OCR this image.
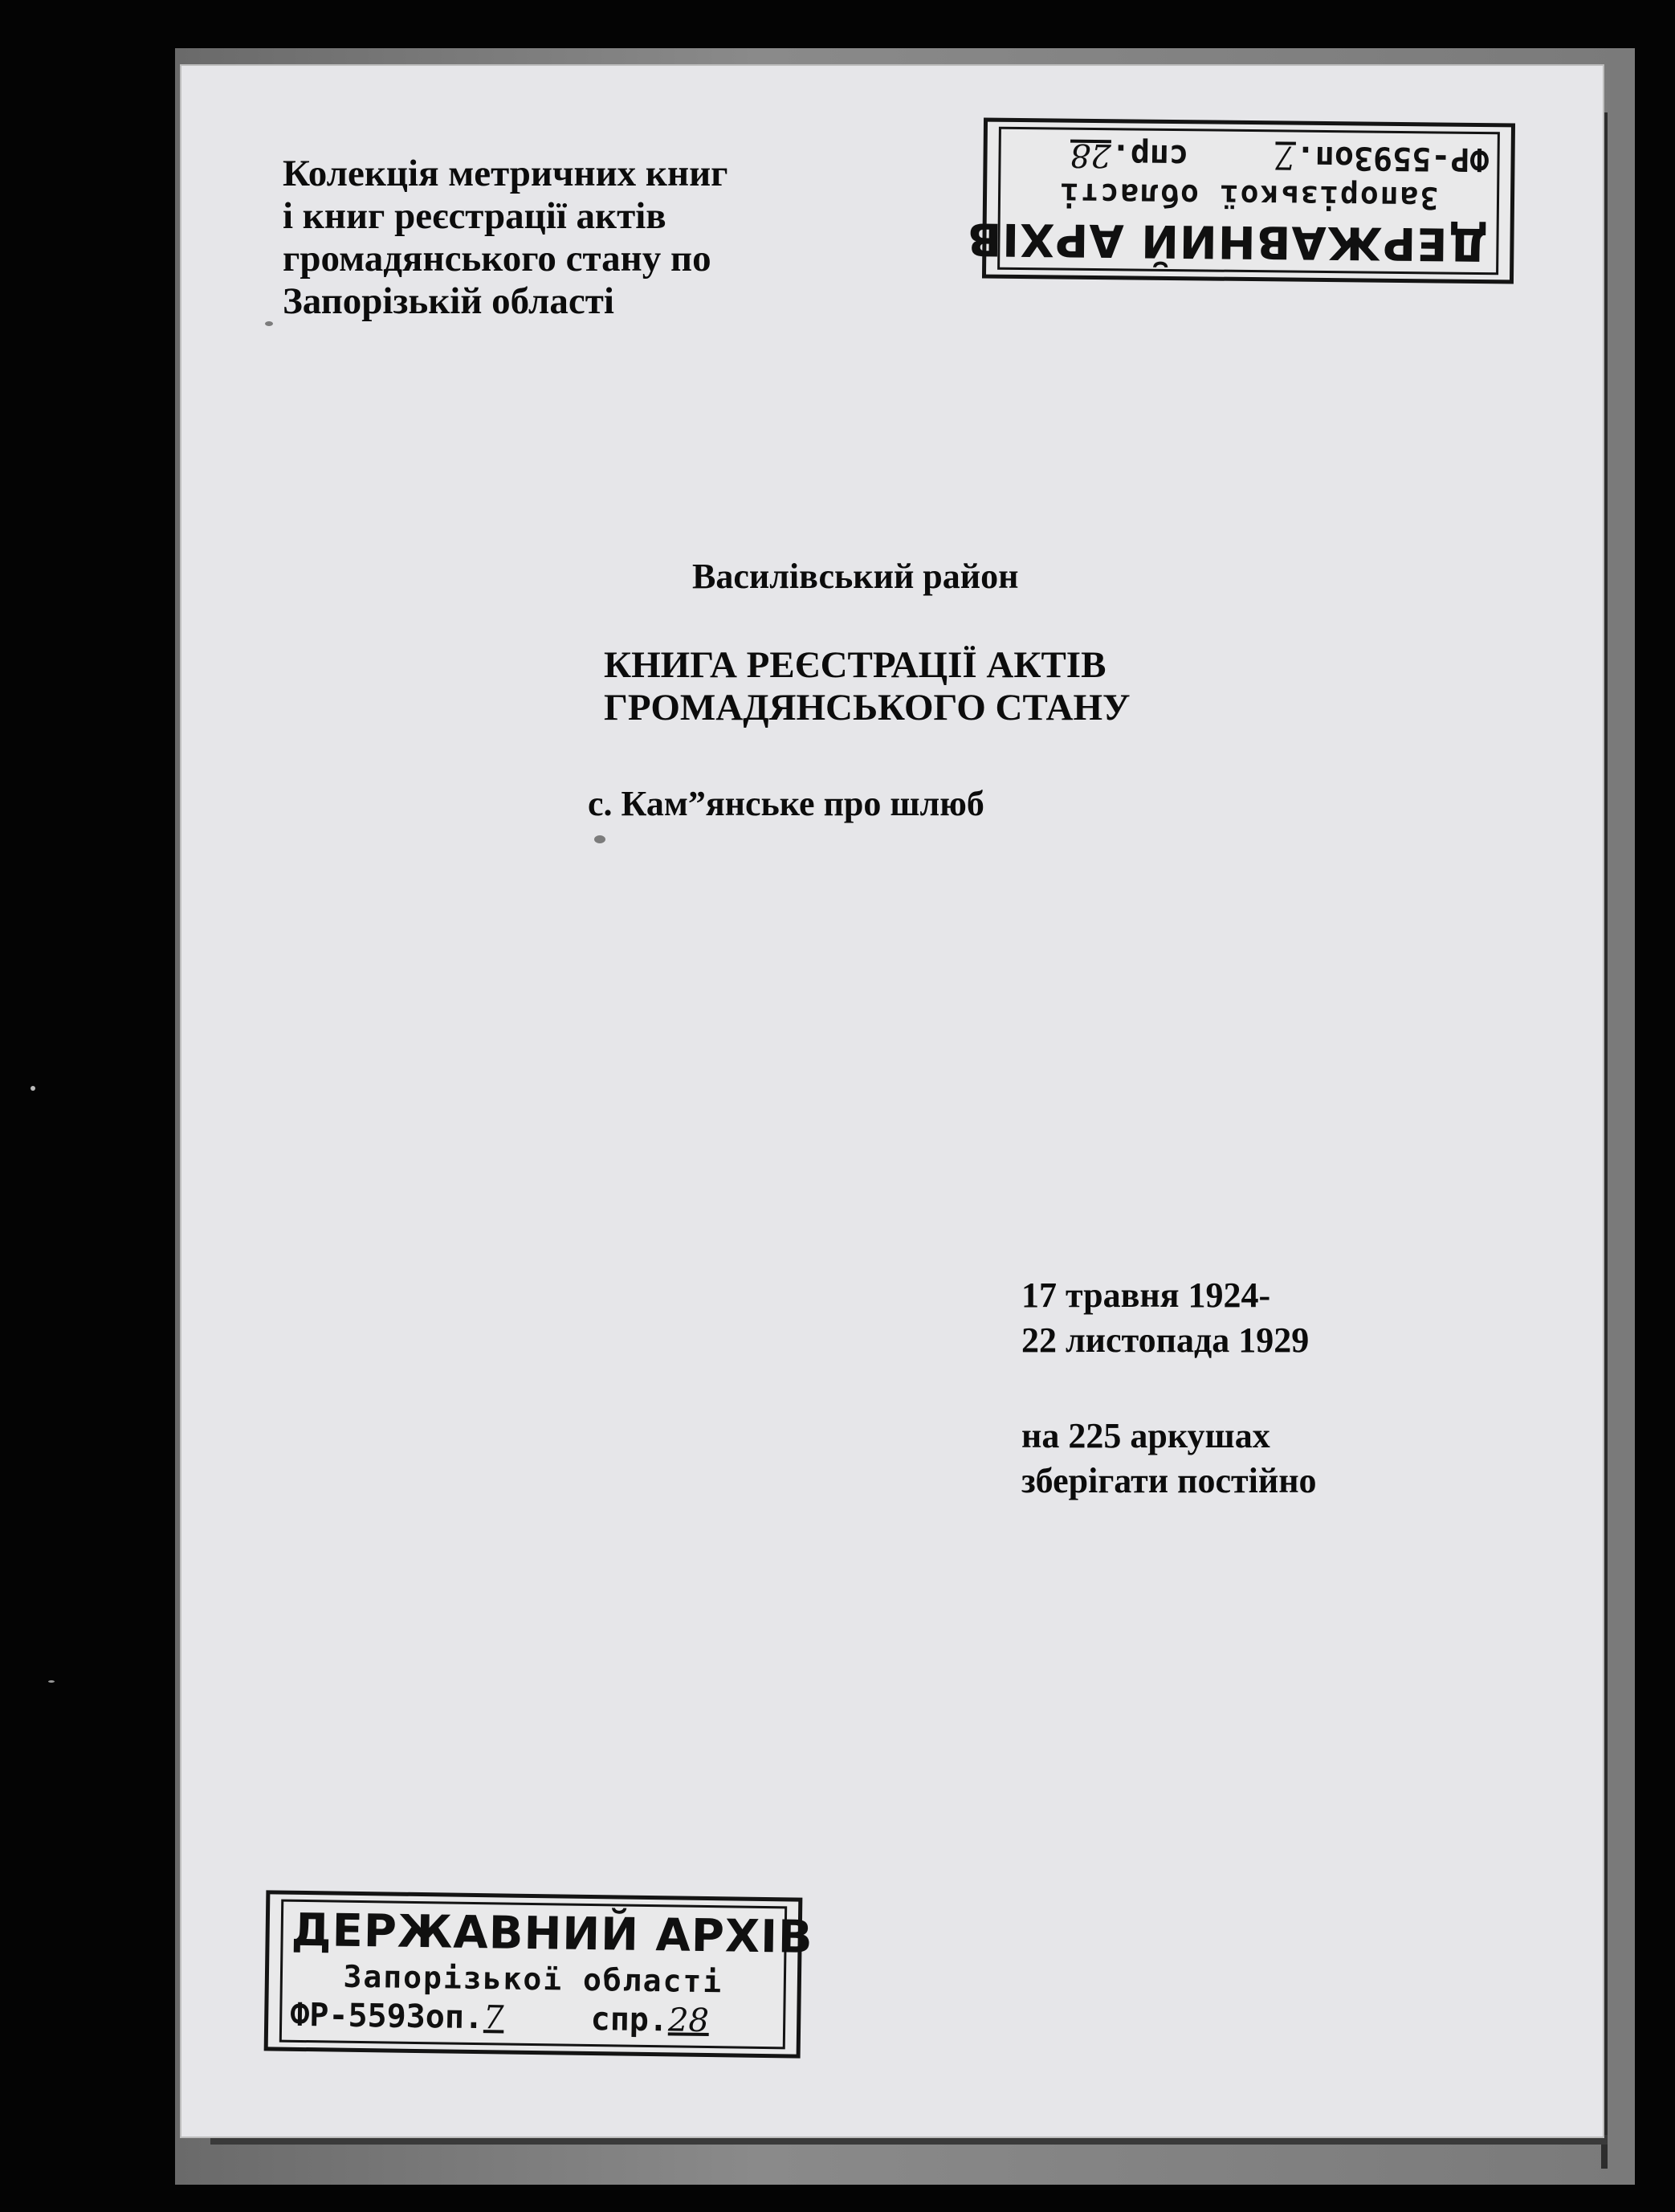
Колекція метричних книг
і книг реєстрації актів
громадянського стану по
Запорізькій області
ДЕРЖАВНИЙ АРХІВ
Запорізької області
ФР-5593оп.7  спр.28
Василівський район
КНИГА РЕЄСТРАЦІЇ АКТІВ
ГРОМАДЯНСЬКОГО СТАНУ
с. Кам”янське про шлюб
17 травня 1924-
22 листопада 1929
на 225 аркушах
зберігати постійно
ДЕРЖАВНИЙ АРХІВ
Запорізької області
ФР-5593оп.7	спр.28
